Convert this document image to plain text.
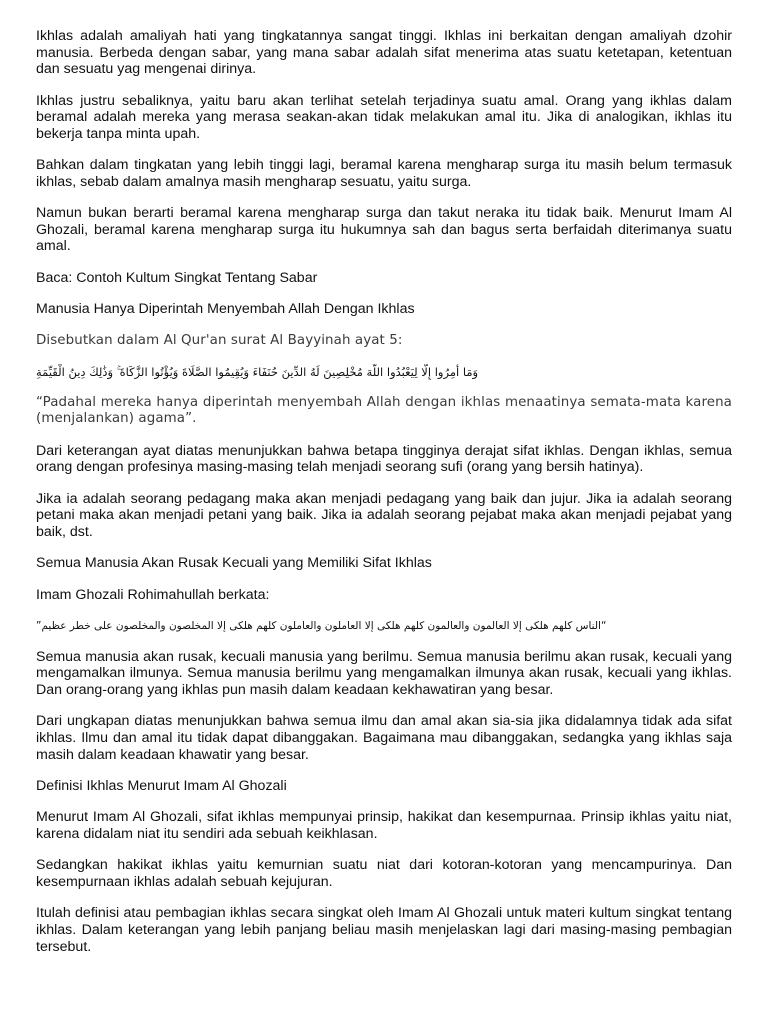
Ikhlas adalah amaliyah hati yang tingkatannya sangat tinggi. Ikhlas ini berkaitan dengan amaliyah dzohir manusia. Berbeda dengan sabar, yang mana sabar adalah sifat menerima atas suatu ketetapan, ketentuan dan sesuatu yag mengenai dirinya.

Ikhlas justru sebaliknya, yaitu baru akan terlihat setelah terjadinya suatu amal. Orang yang ikhlas dalam beramal adalah mereka yang merasa seakan-akan tidak melakukan amal itu. Jika di analogikan, ikhlas itu bekerja tanpa minta upah.

Bahkan dalam tingkatan yang lebih tinggi lagi, beramal karena mengharap surga itu masih belum termasuk ikhlas, sebab dalam amalnya masih mengharap sesuatu, yaitu surga.

Namun bukan berarti beramal karena mengharap surga dan takut neraka itu tidak baik. Menurut Imam Al Ghozali, beramal karena mengharap surga itu hukumnya sah dan bagus serta berfaidah diterimanya suatu amal.

Baca: Contoh Kultum Singkat Tentang Sabar

Manusia Hanya Diperintah Menyembah Allah Dengan Ikhlas

Disebutkan dalam Al Qur'an surat Al Bayyinah ayat 5:

وَمَا أُمِرُوا إِلَّا لِيَعْبُدُوا اللَّهَ مُخْلِصِينَ لَهُ الدِّينَ حُنَفَاءَ وَيُقِيمُوا الصَّلَاةَ وَيُؤْتُوا الزَّكَاةَ ۚ وَذَٰلِكَ دِينُ الْقَيِّمَةِ

“Padahal mereka hanya diperintah menyembah Allah dengan ikhlas menaatinya semata-mata karena (menjalankan) agama”.

Dari keterangan ayat diatas menunjukkan bahwa betapa tingginya derajat sifat ikhlas. Dengan ikhlas, semua orang dengan profesinya masing-masing telah menjadi seorang sufi (orang yang bersih hatinya).

Jika ia adalah seorang pedagang maka akan menjadi pedagang yang baik dan jujur. Jika ia adalah seorang petani maka akan menjadi petani yang baik. Jika ia adalah seorang pejabat maka akan menjadi pejabat yang baik, dst.

Semua Manusia Akan Rusak Kecuali yang Memiliki Sifat Ikhlas

Imam Ghozali Rohimahullah berkata:

“الناس كلهم هلكى إلا العالمون والعالمون كلهم هلكى إلا العاملون والعاملون كلهم هلكى إلا المخلصون والمخلصون على خطر عظيم”

Semua manusia akan rusak, kecuali manusia yang berilmu. Semua manusia berilmu akan rusak, kecuali yang mengamalkan ilmunya. Semua manusia berilmu yang mengamalkan ilmunya akan rusak, kecuali yang ikhlas. Dan orang-orang yang ikhlas pun masih dalam keadaan kekhawatiran yang besar.

Dari ungkapan diatas menunjukkan bahwa semua ilmu dan amal akan sia-sia jika didalamnya tidak ada sifat ikhlas. Ilmu dan amal itu tidak dapat dibanggakan. Bagaimana mau dibanggakan, sedangka yang ikhlas saja masih dalam keadaan khawatir yang besar.

Definisi Ikhlas Menurut Imam Al Ghozali

Menurut Imam Al Ghozali, sifat ikhlas mempunyai prinsip, hakikat dan kesempurnaa. Prinsip ikhlas yaitu niat, karena didalam niat itu sendiri ada sebuah keikhlasan.

Sedangkan hakikat ikhlas yaitu kemurnian suatu niat dari kotoran-kotoran yang mencampurinya. Dan kesempurnaan ikhlas adalah sebuah kejujuran.

Itulah definisi atau pembagian ikhlas secara singkat oleh Imam Al Ghozali untuk materi kultum singkat tentang ikhlas. Dalam keterangan yang lebih panjang beliau masih menjelaskan lagi dari masing-masing pembagian tersebut.
